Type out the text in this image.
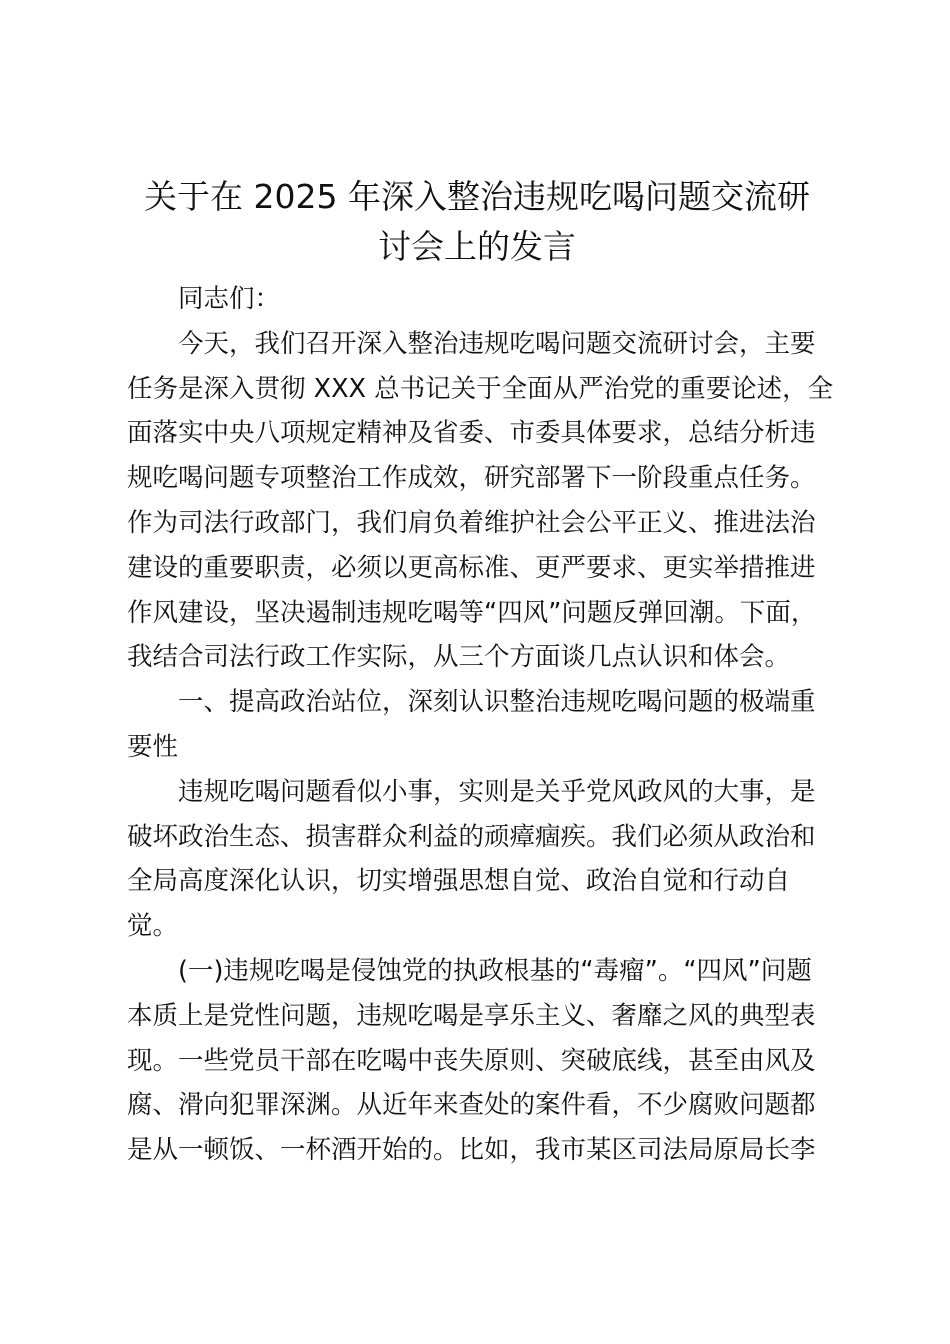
关于在 2025 年深入整治违规吃喝问题交流研
讨会上的发言

同志们：

今天，我们召开深入整治违规吃喝问题交流研讨会，主要
任务是深入贯彻 XXX 总书记关于全面从严治党的重要论述，全
面落实中央八项规定精神及省委、市委具体要求，总结分析违
规吃喝问题专项整治工作成效，研究部署下一阶段重点任务。
作为司法行政部门，我们肩负着维护社会公平正义、推进法治
建设的重要职责，必须以更高标准、更严要求、更实举措推进
作风建设，坚决遏制违规吃喝等“四风”问题反弹回潮。下面，
我结合司法行政工作实际，从三个方面谈几点认识和体会。

一、提高政治站位，深刻认识整治违规吃喝问题的极端重
要性

违规吃喝问题看似小事，实则是关乎党风政风的大事，是
破坏政治生态、损害群众利益的顽瘴痼疾。我们必须从政治和
全局高度深化认识，切实增强思想自觉、政治自觉和行动自
觉。

(一)违规吃喝是侵蚀党的执政根基的“毒瘤”。“四风”问题
本质上是党性问题，违规吃喝是享乐主义、奢靡之风的典型表
现。一些党员干部在吃喝中丧失原则、突破底线，甚至由风及
腐、滑向犯罪深渊。从近年来查处的案件看，不少腐败问题都
是从一顿饭、一杯酒开始的。比如，我市某区司法局原局长李
